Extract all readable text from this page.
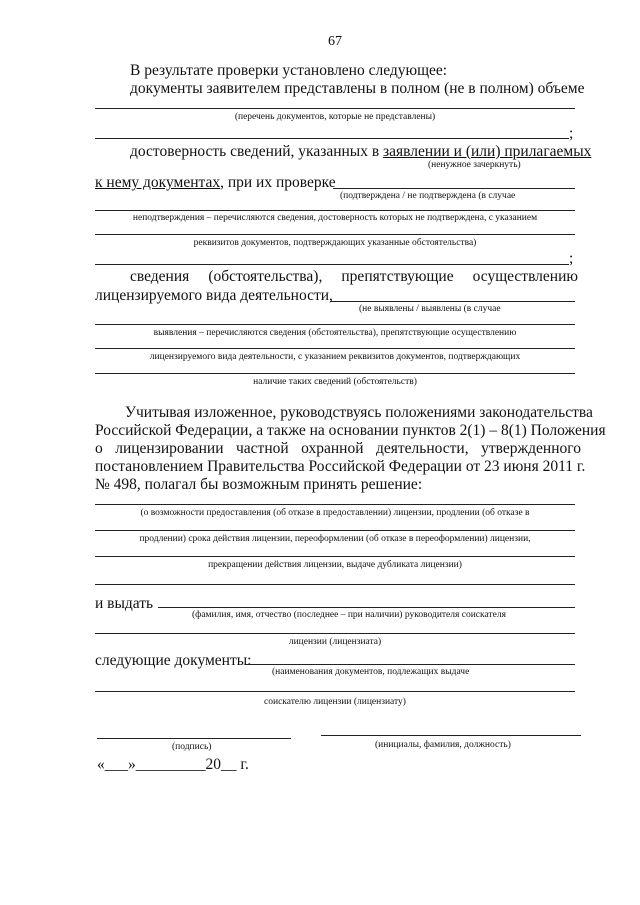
67
В результате проверки установлено следующее:
документы заявителем представлены в полном (не в полном) объеме
(перечень документов, которые не представлены)
;
достоверность сведений, указанных в заявлении и (или) прилагаемых
(ненужное зачеркнуть)
к нему документах, при их проверке
(подтверждена / не подтверждена (в случае
неподтверждения – перечисляются сведения, достоверность которых не подтверждена, с указанием
реквизитов документов, подтверждающих указанные обстоятельства)
;
сведения (обстоятельства), препятствующие осуществлению
лицензируемого вида деятельности,
(не выявлены / выявлены (в случае
выявления – перечисляются сведения (обстоятельства), препятствующие осуществлению
лицензируемого вида деятельности, с указанием реквизитов документов, подтверждающих
наличие таких сведений (обстоятельств)
Учитывая изложенное, руководствуясь положениями законодательства
Российской Федерации, а также на основании пунктов 2(1) – 8(1) Положения
о лицензировании частной охранной деятельности, утвержденного
постановлением Правительства Российской Федерации от 23 июня 2011 г.
№ 498, полагал бы возможным принять решение:
(о возможности предоставления (об отказе в предоставлении) лицензии, продлении (об отказе в
продлении) срока действия лицензии, переоформлении (об отказе в переоформлении) лицензии,
прекращении действия лицензии, выдаче дубликата лицензии)
и выдать
(фамилия, имя, отчество (последнее – при наличии) руководителя соискателя
лицензии (лицензиата)
следующие документы:
(наименования документов, подлежащих выдаче
соискателю лицензии (лицензиату)
(подпись)	(инициалы, фамилия, должность)
«___»_________20__ г.
